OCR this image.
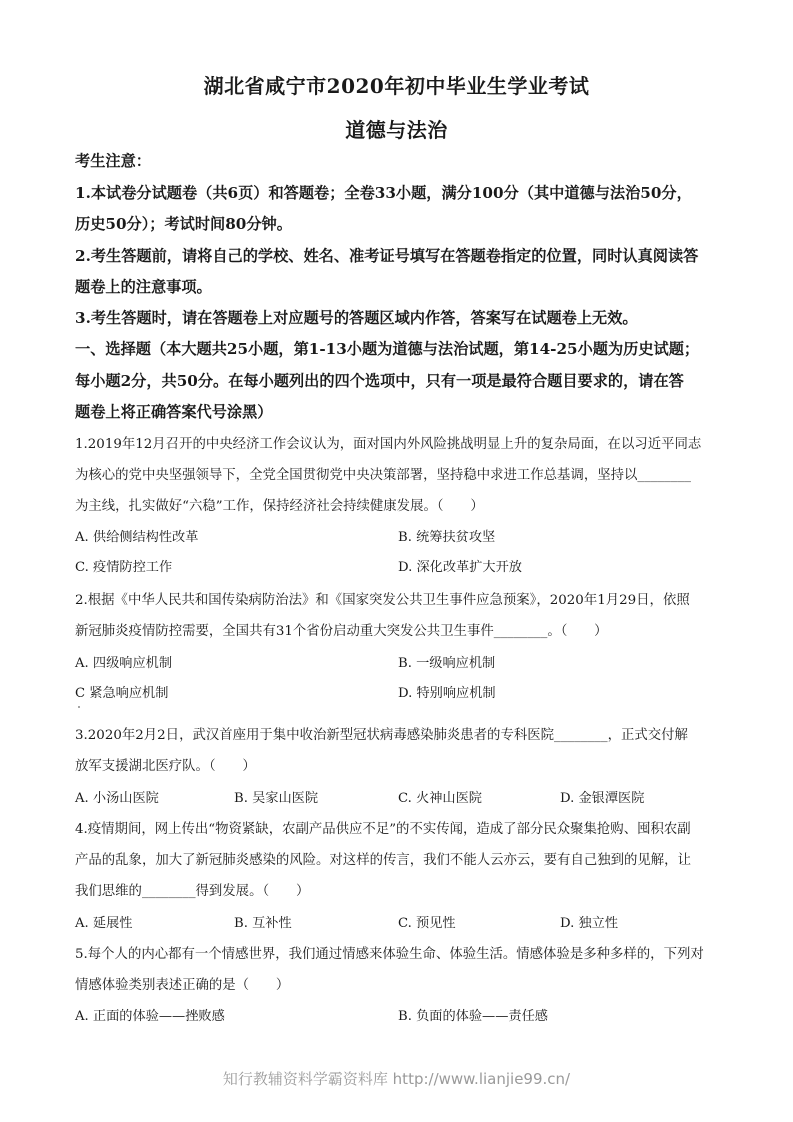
湖北省咸宁市2020年初中毕业生学业考试
道德与法治
考生注意：
1.本试卷分试题卷（共6页）和答题卷；全卷33小题，满分100分（其中道德与法治50分，
历史50分）；考试时间80分钟。
2.考生答题前，请将自己的学校、姓名、准考证号填写在答题卷指定的位置，同时认真阅读答
题卷上的注意事项。
3.考生答题时，请在答题卷上对应题号的答题区域内作答，答案写在试题卷上无效。
一、选择题（本大题共25小题，第1-13小题为道德与法治试题，第14-25小题为历史试题；
每小题2分，共50分。在每小题列出的四个选项中，只有一项是最符合题目要求的，请在答
题卷上将正确答案代号涂黑）
1.2019年12月召开的中央经济工作会议认为，面对国内外风险挑战明显上升的复杂局面，在以习近平同志
为核心的党中央坚强领导下，全党全国贯彻党中央决策部署，坚持稳中求进工作总基调，坚持以________
为主线，扎实做好“六稳”工作，保持经济社会持续健康发展。（　　）
A. 供给侧结构性改革	B. 统筹扶贫攻坚
C. 疫情防控工作	D. 深化改革扩大开放
2.根据《中华人民共和国传染病防治法》和《国家突发公共卫生事件应急预案》，2020年1月29日，依照
新冠肺炎疫情防控需要，全国共有31个省份启动重大突发公共卫生事件________。（　　）
A. 四级响应机制	B. 一级响应机制
C 紧急响应机制	D. 特别响应机制
3.2020年2月2日，武汉首座用于集中收治新型冠状病毒感染肺炎患者的专科医院________，正式交付解
放军支援湖北医疗队。（　　）
A. 小汤山医院	B. 吴家山医院	C. 火神山医院	D. 金银潭医院
4.疫情期间，网上传出“物资紧缺，农副产品供应不足”的不实传闻，造成了部分民众聚集抢购、囤积农副
产品的乱象，加大了新冠肺炎感染的风险。对这样的传言，我们不能人云亦云，要有自己独到的见解，让
我们思维的________得到发展。（　　）
A. 延展性	B. 互补性	C. 预见性	D. 独立性
5.每个人的内心都有一个情感世界，我们通过情感来体验生命、体验生活。情感体验是多种多样的，下列对
情感体验类别表述正确的是（　　）
A. 正面的体验——挫败感	B. 负面的体验——责任感
知行教辅资料学霸资料库 http://www.lianjie99.cn/
